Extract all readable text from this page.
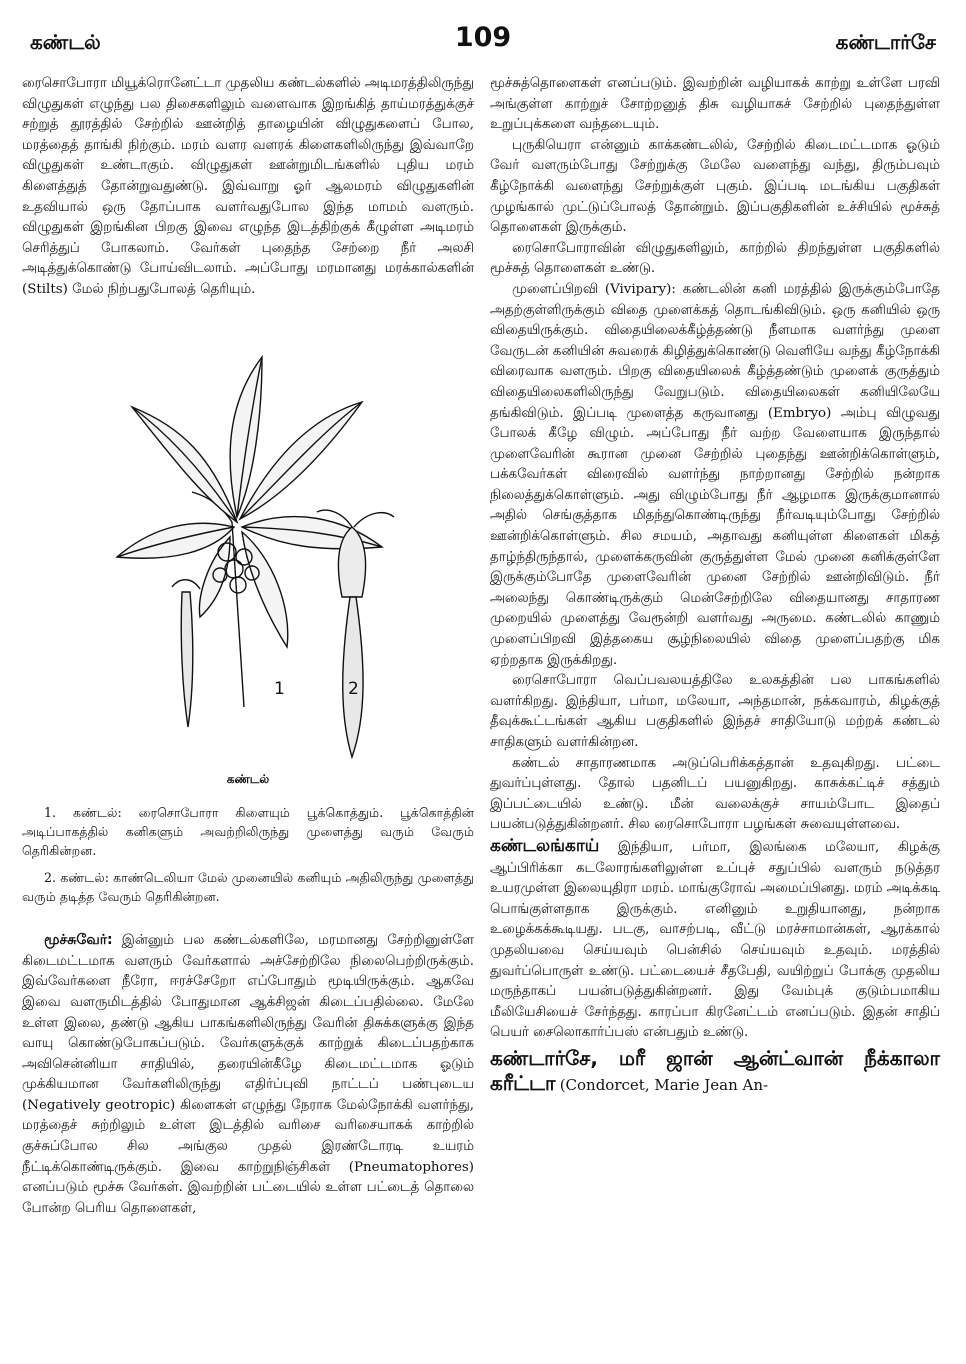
கண்டல்	109	கண்டார்சே

ரைசொபோரா மியூக்ரொனேட்டா முதலிய கண்டல்களில் அடிமரத்திலிருந்து விழுதுகள் எழுந்து பல திசைகளிலும் வளைவாக இறங்கித் தாய்மரத்துக்குச் சற்றுத் தூரத்தில் சேற்றில் ஊன்றித் தாழையின் விழுதுகளைப் போல, மரத்தைத் தாங்கி நிற்கும். மரம் வளர வளரக் கிளைகளிலிருந்து இவ்வாறே விழுதுகள் உண்டாகும். விழுதுகள் ஊன்றுமிடங்களில் புதிய மரம் கிளைத்துத் தோன்றுவதுண்டு. இவ்வாறு ஓர் ஆலமரம் விழுதுகளின் உதவியால் ஒரு தோப்பாக வளர்வதுபோல இந்த மாமம் வளரும். விழுதுகள் இறங்கின பிறகு இவை எழுந்த இடத்திற்குக் கீழுள்ள அடிமரம் செரித்துப் போகலாம். வேர்கள் புதைந்த சேற்றை நீர் அலசி அடித்துக்கொண்டு போய்விடலாம். அப்போது மரமானது மரக்கால்களின் (Stilts) மேல் நிற்பதுபோலத் தெரியும்.

1	2
கண்டல்

1. கண்டல்: ரைசொபோரா கிளையும் பூக்கொத்தும். பூக்கொத்தின் அடிப்பாகத்தில் கனிகளும் அவற்றிலிருந்து முளைத்து வரும் வேரும் தெரிகின்றன.

2. கண்டல்: காண்டெலியா மேல் முனையில் கனியும் அதிலிருந்து முளைத்து வரும் தடித்த வேரும் தெரிகின்றன.

மூச்சுவேர்: இன்னும் பல கண்டல்களிலே, மரமானது சேற்றினுள்ளே கிடைமட்டமாக வளரும் வேர்களால் அச்சேற்றிலே நிலைபெற்றிருக்கும். இவ்வேர்களை நீரோ, ஈரச்சேறோ எப்போதும் மூடியிருக்கும். ஆகவே இவை வளருமிடத்தில் போதுமான ஆக்சிஜன் கிடைப்பதில்லை. மேலே உள்ள இலை, தண்டு ஆகிய பாகங்களிலிருந்து வேரின் திசுக்களுக்கு இந்த வாயு கொண்டுபோகப்படும். வேர்களுக்குக் காற்றுக் கிடைப்பதற்காக அவிசென்னியா சாதியில், தரையின்கீழே கிடைமட்டமாக ஓடும் முக்கியமான வேர்களிலிருந்து எதிர்ப்புவி நாட்டப் பண்புடைய (Negatively geotropic) கிளைகள் எழுந்து நேராக மேல்நோக்கி வளர்ந்து, மரத்தைச் சுற்றிலும் உள்ள இடத்தில் வரிசை வரிசையாகக் காற்றில் குச்சுப்போல சில அங்குல முதல் இரண்டோரடி உயரம் நீட்டிக்கொண்டிருக்கும். இவை காற்றுநிஞ்சிகள் (Pneumatophores) எனப்படும் மூச்சு வேர்கள். இவற்றின் பட்டையில் உள்ள பட்டைத் தொலை போன்ற பெரிய தொளைகள்,

மூச்சுத்தொளைகள் எனப்படும். இவற்றின் வழியாகக் காற்று உள்ளே பரவி அங்குள்ள காற்றுச் சோற்றனுத் திசு வழியாகச் சேற்றில் புதைந்துள்ள உறுப்புக்களை வந்தடையும்.

புருகியெரா என்னும் காக்கண்டலில், சேற்றில் கிடைமட்டமாக ஓடும் வேர் வளரும்போது சேற்றுக்கு மேலே வளைந்து வந்து, திரும்பவும் கீழ்நோக்கி வளைந்து சேற்றுக்குள் புகும். இப்படி மடங்கிய பகுதிகள் முழங்கால் முட்டுப்போலத் தோன்றும். இப்பகுதிகளின் உச்சியில் மூச்சுத் தொளைகள் இருக்கும்.

ரைசொபோராவின் விழுதுகளிலும், காற்றில் திறந்துள்ள பகுதிகளில் மூச்சுத் தொளைகள் உண்டு.

முளைப்பிறவி (Vivipary): கண்டலின் கனி மரத்தில் இருக்கும்போதே அதற்குள்ளிருக்கும் விதை முளைக்கத் தொடங்கிவிடும். ஒரு கனியில் ஒரு விதையிருக்கும். விதையிலைக்கீழ்த்தண்டு நீளமாக வளர்ந்து முளை வேருடன் கனியின் சுவரைக் கிழித்துக்கொண்டு வெளியே வந்து கீழ்நோக்கி விரைவாக வளரும். பிறகு விதையிலைக் கீழ்த்தண்டும் முளைக் குருத்தும் விதையிலைகளிலிருந்து வேறுபடும். விதையிலைகள் கனியிலேயே தங்கிவிடும். இப்படி முளைத்த கருவானது (Embryo) அம்பு விழுவது போலக் கீழே விழும். அப்போது நீர் வற்ற வேளையாக இருந்தால் முளைவேரின் கூரான முனை சேற்றில் புதைந்து ஊன்றிக்கொள்ளும், பக்கவேர்கள் விரைவில் வளர்ந்து நாற்றானது சேற்றில் நன்றாக நிலைத்துக்கொள்ளும். அது விழும்போது நீர் ஆழமாக இருக்குமானால் அதில் செங்குத்தாக மிதந்துகொண்டிருந்து நீர்வடியும்போது சேற்றில் ஊன்றிக்கொள்ளும். சில சமயம், அதாவது கனியுள்ள கிளைகள் மிகத் தாழ்ந்திருந்தால், முளைக்கருவின் குருத்துள்ள மேல் முனை கனிக்குள்ளே இருக்கும்போதே முளைவேரின் முனை சேற்றில் ஊன்றிவிடும். நீர் அலைந்து கொண்டிருக்கும் மென்சேற்றிலே விதையானது சாதாரண முறையில் முளைத்து வேரூன்றி வளர்வது அருமை. கண்டலில் காணும் முளைப்பிறவி இத்தகைய சூழ்நிலையில் விதை முளைப்பதற்கு மிக ஏற்றதாக இருக்கிறது.

ரைசொபோரா வெப்பவலயத்திலே உலகத்தின் பல பாகங்களில் வளர்கிறது. இந்தியா, பர்மா, மலேயா, அந்தமான், நக்கவாரம், கிழக்குத் தீவுக்கூட்டங்கள் ஆகிய பகுதிகளில் இந்தச் சாதியோடு மற்றக் கண்டல் சாதிகளும் வளர்கின்றன.

கண்டல் சாதாரணமாக அடுப்பெரிக்கத்தான் உதவுகிறது. பட்டை துவர்ப்புள்ளது. தோல் பதனிடப் பயனுகிறது. காசுக்கட்டிச் சத்தும் இப்பட்டையில் உண்டு. மீன் வலைக்குச் சாயம்போட இதைப் பயன்படுத்துகின்றனர். சில ரைசொபோரா பழங்கள் சுவையுள்ளவை.

கண்டலங்காய் இந்தியா, பர்மா, இலங்கை மலேயா, கிழக்கு ஆப்பிரிக்கா கடலோரங்களிலுள்ள உப்புச் சதுப்பில் வளரும் நடுத்தர உயரமுள்ள இலையுதிரா மரம். மாங்குரோவ் அமைப்பினது. மரம் அடிக்கடி பொங்குள்ளதாக இருக்கும். எனினும் உறுதியானது, நன்றாக உழைக்கக்கூடியது. படகு, வாசற்படி, வீட்டு மரச்சாமான்கள், ஆரக்கால் முதலியவை செய்யவும் பென்சில் செய்யவும் உதவும். மரத்தில் துவர்ப்பொருள் உண்டு. பட்டையைச் சீதபேதி, வயிற்றுப் போக்கு முதலிய மருந்தாகப் பயன்படுத்துகின்றனர். இது வேம்புக் குடும்பமாகிய மீலியேசியைச் சேர்ந்தது. காரப்பா கிரனேட்டம் எனப்படும். இதன் சாதிப் பெயர் சைலொகார்ப்பஸ் என்பதும் உண்டு.

கண்டார்சே, மரீ ஜான் ஆன்ட்வான் நீக்காலா கரீட்டா (Condorcet, Marie Jean An-
